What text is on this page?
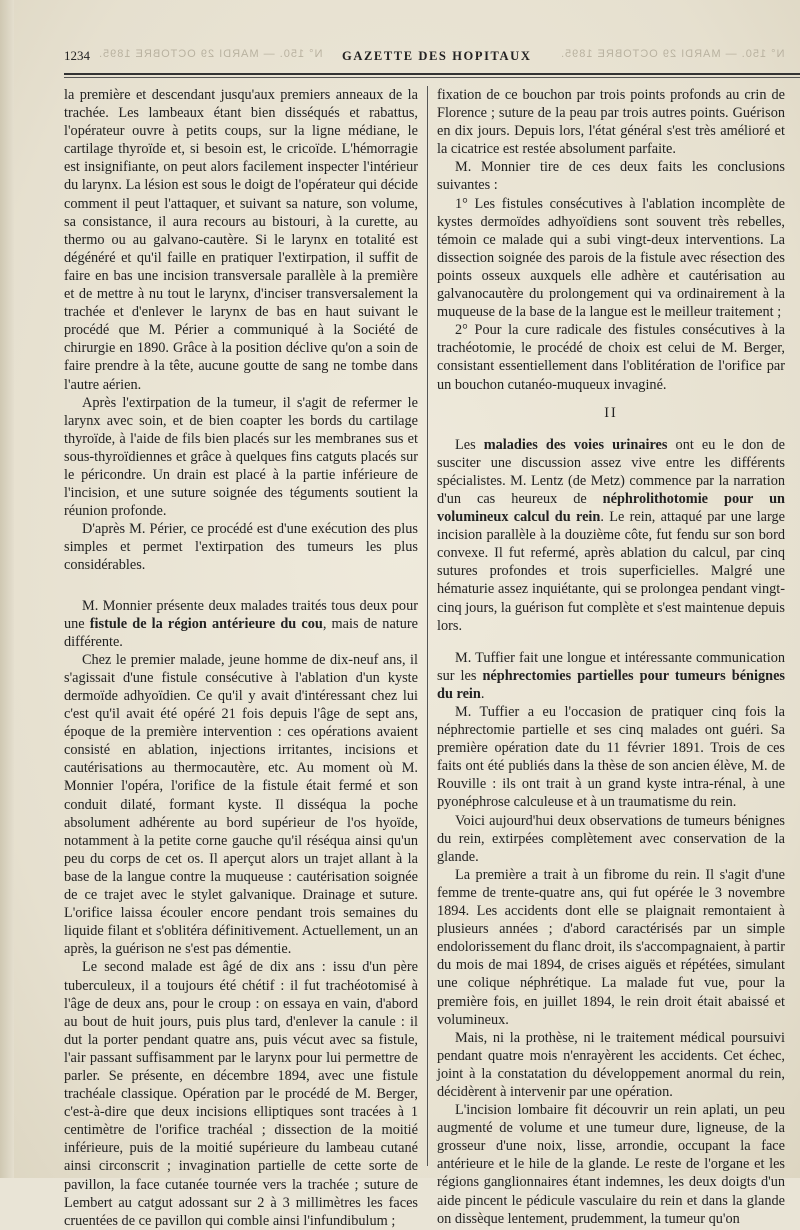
1234 N° 150. — MARDI 29 OCTOBRE 1895. GAZETTE DES HOPITAUX	N° 150. — MARDI 29 OCTOBRE 1895.

la première et descendant jusqu'aux premiers anneaux de la trachée. Les lambeaux étant bien disséqués et rabattus, l'opérateur ouvre à petits coups, sur la ligne médiane, le cartilage thyroïde et, si besoin est, le cricoïde. L'hémorragie est insignifiante, on peut alors facilement inspecter l'intérieur du larynx. La lésion est sous le doigt de l'opérateur qui décide comment il peut l'attaquer, et suivant sa nature, son volume, sa consistance, il aura recours au bistouri, à la curette, au thermo ou au galvano-cautère. Si le larynx en totalité est dégénéré et qu'il faille en pratiquer l'extirpation, il suffit de faire en bas une incision transversale parallèle à la première et de mettre à nu tout le larynx, d'inciser transversalement la trachée et d'enlever le larynx de bas en haut suivant le procédé que M. Périer a communiqué à la Société de chirurgie en 1890. Grâce à la position déclive qu'on a soin de faire prendre à la tête, aucune goutte de sang ne tombe dans l'autre aérien.

Après l'extirpation de la tumeur, il s'agit de refermer le larynx avec soin, et de bien coapter les bords du cartilage thyroïde, à l'aide de fils bien placés sur les membranes sus et sous-thyroïdiennes et grâce à quelques fins catguts placés sur le péricondre. Un drain est placé à la partie inférieure de l'incision, et une suture soignée des téguments soutient la réunion profonde.

D'après M. Périer, ce procédé est d'une exécution des plus simples et permet l'extirpation des tumeurs les plus considérables.

M. Monnier présente deux malades traités tous deux pour une fistule de la région antérieure du cou, mais de nature différente.

Chez le premier malade, jeune homme de dix-neuf ans, il s'agissait d'une fistule consécutive à l'ablation d'un kyste dermoïde adhyoïdien. Ce qu'il y avait d'intéressant chez lui c'est qu'il avait été opéré 21 fois depuis l'âge de sept ans, époque de la première intervention : ces opérations avaient consisté en ablation, injections irritantes, incisions et cautérisations au thermocautère, etc. Au moment où M. Monnier l'opéra, l'orifice de la fistule était fermé et son conduit dilaté, formant kyste. Il disséqua la poche absolument adhérente au bord supérieur de l'os hyoïde, notamment à la petite corne gauche qu'il réséqua ainsi qu'un peu du corps de cet os. Il aperçut alors un trajet allant à la base de la langue contre la muqueuse : cautérisation soignée de ce trajet avec le stylet galvanique. Drainage et suture. L'orifice laissa écouler encore pendant trois semaines du liquide filant et s'oblitéra définitivement. Actuellement, un an après, la guérison ne s'est pas démentie.

Le second malade est âgé de dix ans : issu d'un père tuberculeux, il a toujours été chétif : il fut trachéotomisé à l'âge de deux ans, pour le croup : on essaya en vain, d'abord au bout de huit jours, puis plus tard, d'enlever la canule : il dut la porter pendant quatre ans, puis vécut avec sa fistule, l'air passant suffisamment par le larynx pour lui permettre de parler. Se présente, en décembre 1894, avec une fistule trachéale classique. Opération par le procédé de M. Berger, c'est-à-dire que deux incisions elliptiques sont tracées à 1 centimètre de l'orifice trachéal ; dissection de la moitié inférieure, puis de la moitié supérieure du lambeau cutané ainsi circonscrit ; invagination partielle de cette sorte de pavillon, la face cutanée tournée vers la trachée ; suture de Lembert au catgut adossant sur 2 à 3 millimètres les faces cruentées de ce pavillon qui comble ainsi l'infundibulum ;

fixation de ce bouchon par trois points profonds au crin de Florence ; suture de la peau par trois autres points. Guérison en dix jours. Depuis lors, l'état général s'est très amélioré et la cicatrice est restée absolument parfaite.

M. Monnier tire de ces deux faits les conclusions suivantes :

1° Les fistules consécutives à l'ablation incomplète de kystes dermoïdes adhyoïdiens sont souvent très rebelles, témoin ce malade qui a subi vingt-deux interventions. La dissection soignée des parois de la fistule avec résection des points osseux auxquels elle adhère et cautérisation au galvanocautère du prolongement qui va ordinairement à la muqueuse de la base de la langue est le meilleur traitement ;

2° Pour la cure radicale des fistules consécutives à la trachéotomie, le procédé de choix est celui de M. Berger, consistant essentiellement dans l'oblitération de l'orifice par un bouchon cutanéo-muqueux invaginé.

II

Les maladies des voies urinaires ont eu le don de susciter une discussion assez vive entre les différents spécialistes. M. Lentz (de Metz) commence par la narration d'un cas heureux de néphrolithotomie pour un volumineux calcul du rein. Le rein, attaqué par une large incision parallèle à la douzième côte, fut fendu sur son bord convexe. Il fut refermé, après ablation du calcul, par cinq sutures profondes et trois superficielles. Malgré une hématurie assez inquiétante, qui se prolongea pendant vingt-cinq jours, la guérison fut complète et s'est maintenue depuis lors.

M. Tuffier fait une longue et intéressante communication sur les néphrectomies partielles pour tumeurs bénignes du rein.

M. Tuffier a eu l'occasion de pratiquer cinq fois la néphrectomie partielle et ses cinq malades ont guéri. Sa première opération date du 11 février 1891. Trois de ces faits ont été publiés dans la thèse de son ancien élève, M. de Rouville : ils ont trait à un grand kyste intra-rénal, à une pyonéphrose calculeuse et à un traumatisme du rein.

Voici aujourd'hui deux observations de tumeurs bénignes du rein, extirpées complètement avec conservation de la glande.

La première a trait à un fibrome du rein. Il s'agit d'une femme de trente-quatre ans, qui fut opérée le 3 novembre 1894. Les accidents dont elle se plaignait remontaient à plusieurs années ; d'abord caractérisés par un simple endolorissement du flanc droit, ils s'accompagnaient, à partir du mois de mai 1894, de crises aiguës et répétées, simulant une colique néphrétique. La malade fut vue, pour la première fois, en juillet 1894, le rein droit était abaissé et volumineux.

Mais, ni la prothèse, ni le traitement médical poursuivi pendant quatre mois n'enrayèrent les accidents. Cet échec, joint à la constatation du développement anormal du rein, décidèrent à intervenir par une opération.

L'incision lombaire fit découvrir un rein aplati, un peu augmenté de volume et une tumeur dure, ligneuse, de la grosseur d'une noix, lisse, arrondie, occupant la face antérieure et le hile de la glande. Le reste de l'organe et les régions ganglionnaires étant indemnes, les deux doigts d'un aide pincent le pédicule vasculaire du rein et dans la glande on dissèque lentement, prudemment, la tumeur qu'on
